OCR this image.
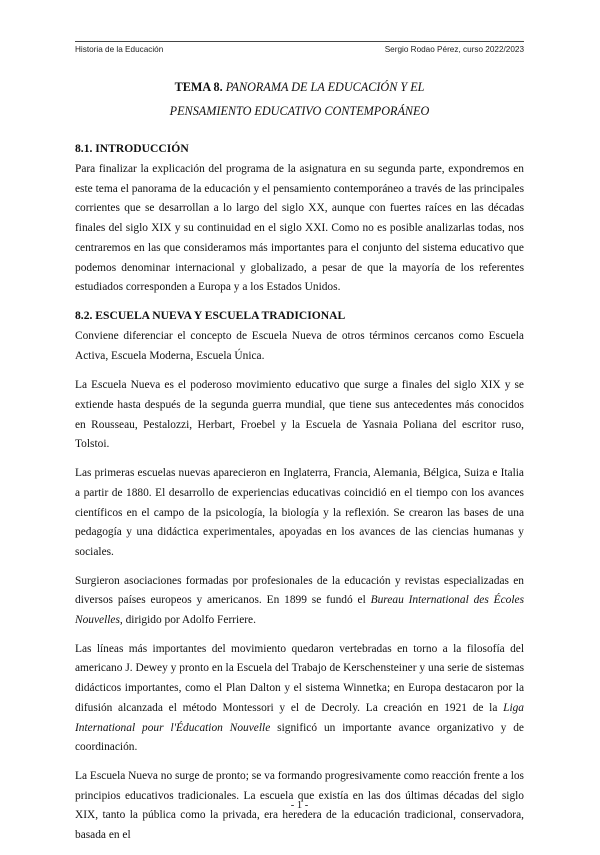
Historia de la Educación	Sergio Rodao Pérez, curso 2022/2023
TEMA 8. PANORAMA DE LA EDUCACIÓN Y EL
PENSAMIENTO EDUCATIVO CONTEMPORÁNEO
8.1. INTRODUCCIÓN

Para finalizar la explicación del programa de la asignatura en su segunda parte, expondremos en este tema el panorama de la educación y el pensamiento contemporáneo a través de las principales corrientes que se desarrollan a lo largo del siglo XX, aunque con fuertes raíces en las décadas finales del siglo XIX y su continuidad en el siglo XXI. Como no es posible analizarlas todas, nos centraremos en las que consideramos más importantes para el conjunto del sistema educativo que podemos denominar internacional y globalizado, a pesar de que la mayoría de los referentes estudiados corresponden a Europa y a los Estados Unidos.

8.2. ESCUELA NUEVA Y ESCUELA TRADICIONAL

Conviene diferenciar el concepto de Escuela Nueva de otros términos cercanos como Escuela Activa, Escuela Moderna, Escuela Única.

La Escuela Nueva es el poderoso movimiento educativo que surge a finales del siglo XIX y se extiende hasta después de la segunda guerra mundial, que tiene sus antecedentes más conocidos en Rousseau, Pestalozzi, Herbart, Froebel y la Escuela de Yasnaia Poliana del escritor ruso, Tolstoi.

Las primeras escuelas nuevas aparecieron en Inglaterra, Francia, Alemania, Bélgica, Suiza e Italia a partir de 1880. El desarrollo de experiencias educativas coincidió en el tiempo con los avances científicos en el campo de la psicología, la biología y la reflexión. Se crearon las bases de una pedagogía y una didáctica experimentales, apoyadas en los avances de las ciencias humanas y sociales.

Surgieron asociaciones formadas por profesionales de la educación y revistas especializadas en diversos países europeos y americanos. En 1899 se fundó el Bureau International des Écoles Nouvelles, dirigido por Adolfo Ferriere.

Las líneas más importantes del movimiento quedaron vertebradas en torno a la filosofía del americano J. Dewey y pronto en la Escuela del Trabajo de Kerschensteiner y una serie de sistemas didácticos importantes, como el Plan Dalton y el sistema Winnetka; en Europa destacaron por la difusión alcanzada el método Montessori y el de Decroly. La creación en 1921 de la Liga International pour l'Éducation Nouvelle significó un importante avance organizativo y de coordinación.

La Escuela Nueva no surge de pronto; se va formando progresivamente como reacción frente a los principios educativos tradicionales. La escuela que existía en las dos últimas décadas del siglo XIX, tanto la pública como la privada, era heredera de la educación tradicional, conservadora, basada en el

- 1 -
